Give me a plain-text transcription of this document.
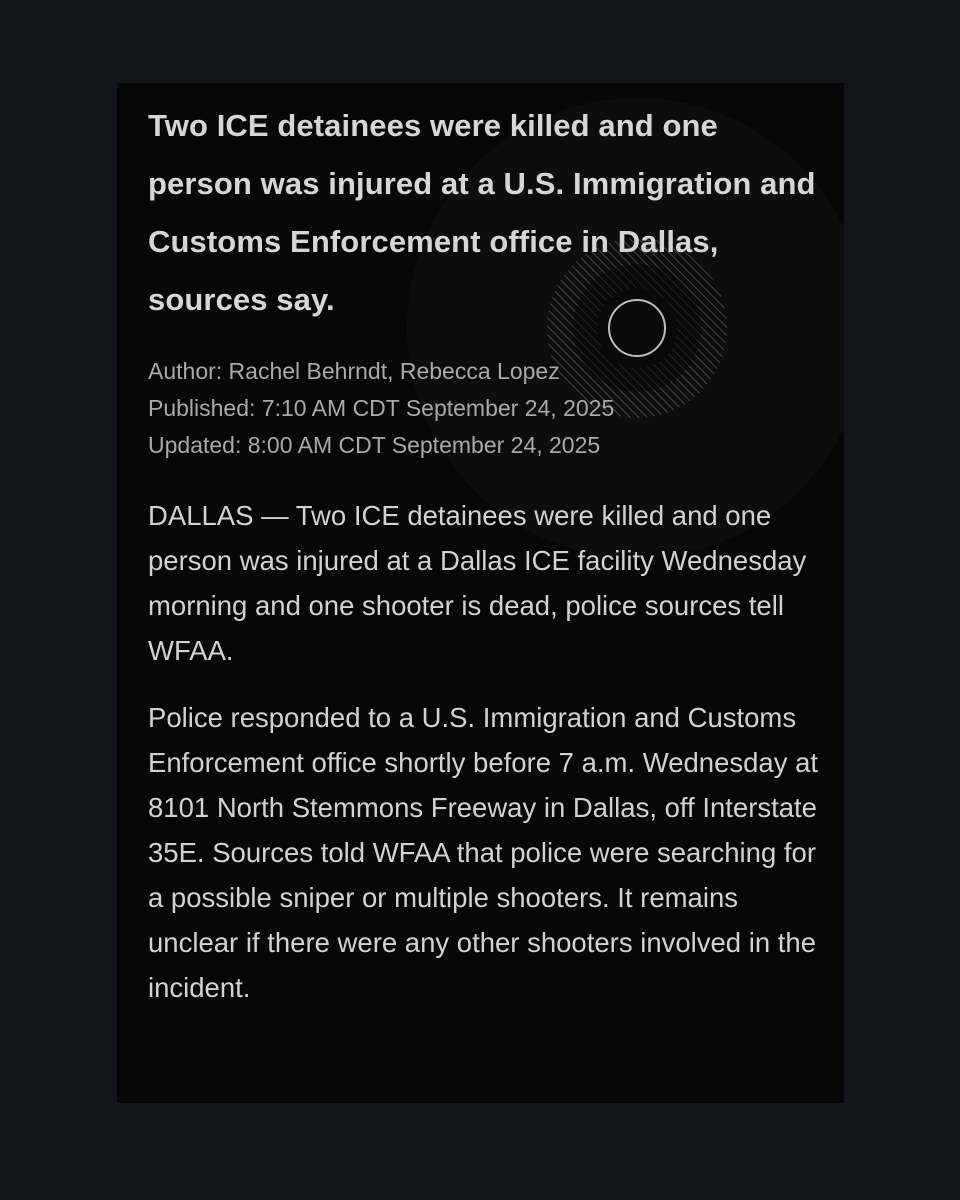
Two ICE detainees were killed and one person was injured at a U.S. Immigration and Customs Enforcement office in Dallas, sources say.
Author: Rachel Behrndt, Rebecca Lopez
Published: 7:10 AM CDT September 24, 2025
Updated: 8:00 AM CDT September 24, 2025

DALLAS — Two ICE detainees were killed and one person was injured at a Dallas ICE facility Wednesday morning and one shooter is dead, police sources tell WFAA.

Police responded to a U.S. Immigration and Customs Enforcement office shortly before 7 a.m. Wednesday at 8101 North Stemmons Freeway in Dallas, off Interstate 35E. Sources told WFAA that police were searching for a possible sniper or multiple shooters. It remains unclear if there were any other shooters involved in the incident.
